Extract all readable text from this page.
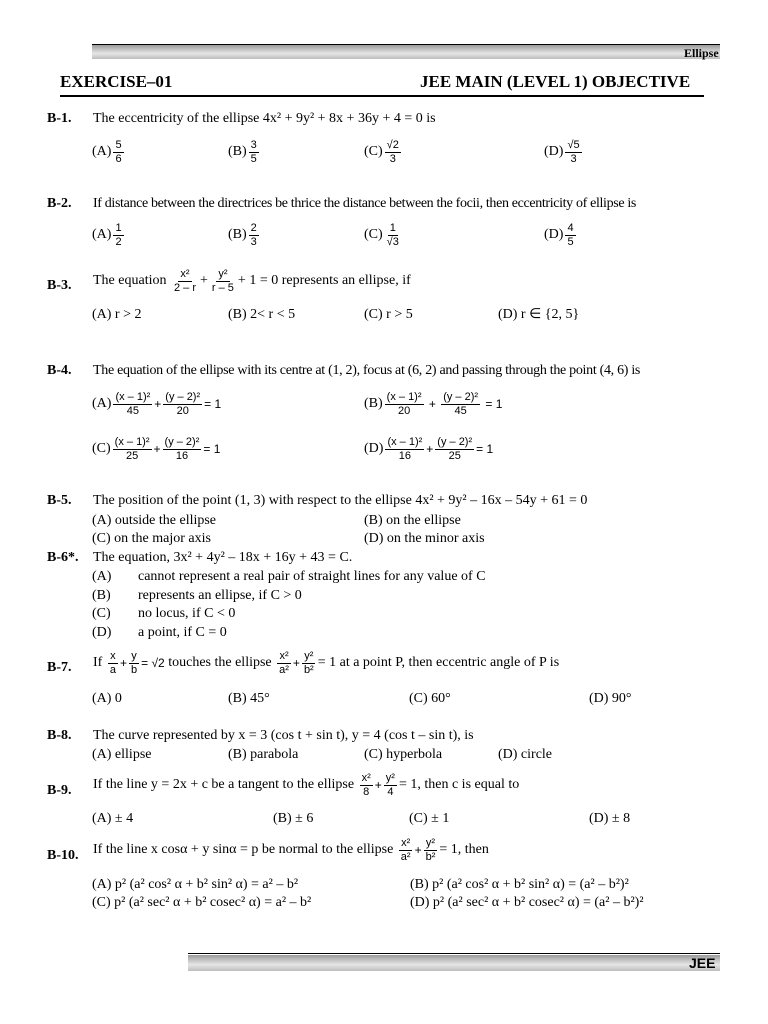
Ellipse
EXERCISE–01	JEE MAIN (LEVEL 1) OBJECTIVE
B-1. The eccentricity of the ellipse 4x² + 9y² + 8x + 36y + 4 = 0 is
$(A) \frac{5}{6}$	$(B) \frac{3}{5}$	$(C) \frac{√2}{3}$	$(D) \frac{√5}{3}$
B-2. If distance between the directrices be thrice the distance between the focii, then eccentricity of ellipse is
$(A) \frac{1}{2}$	$(B) \frac{2}{3}$	$(C) \frac{1}{√3}$	$(D) \frac{4}{5}$
B-3. The equation
$\frac{\text{x²}}{2 - r} + \frac{\text{y²}}{r - 5} + 1 = 0$ represents an ellipse, if
(A) r > 2	(B) 2< r < 5	(C) r > 5	(D) r ∈ {2, 5}
B-4. The equation of the ellipse with its centre at (1, 2), focus at (6, 2) and passing through the point (4, 6) is
$(A) \frac{\text{(x – 1)²}}{45} + \frac{\text{(y – 2)²}}{20} = 1$	$(B) \frac{\text{(x – 1)²}}{20} + \frac{\text{(y – 2)²}}{45}$
= 1
$(C) \frac{\text{(x – 1)²}}{25} + \frac{\text{(y – 2)²}}{16} = 1$	$(D) \frac{\text{(x – 1)²}}{16} + \frac{\text{(y – 2)²}}{25} = 1$
B-5. The position of the point (1, 3) with respect to the ellipse 4x² + 9y² – 16x – 54y + 61 = 0
(A) outside the ellipse	(B) on the ellipse
(C) on the major axis	(D) on the minor axis
B-6*. The equation, 3x² + 4y² – 18x + 16y + 43 = C.
(A) cannot represent a real pair of straight lines for any value of C
(B) represents an ellipse, if C > 0
(C) no locus, if C < 0
(D) a point, if C = 0
B-7. If
$\frac{x}{a} + \frac{y}{b}$ =
√2
touches the ellipse
$\frac{\text{x²}}{\text{a²}} + \frac{\text{y²}}{\text{b²}} = 1$ at a point P, then eccentric angle of P is
(A) 0	(B) 45°	(C) 60°	(D) 90°
B-8. The curve represented by x = 3 (cos t + sin t), y = 4 (cos t – sin t), is
(A) ellipse	(B) parabola	(C) hyperbola	(D) circle
B-9. If the line y = 2x + c be a tangent to the ellipse
$\frac{\text{x²}}{8} + \frac{\text{y²}}{4} = 1$, then c is equal to
(A) ± 4	(B) ± 6	(C) ± 1	(D) ± 8
B-10. If the line x cosα + y sinα = p be normal to the ellipse
$\frac{\text{x²}}{\text{a²}} + \frac{\text{y²}}{\text{b²}} = 1$, then
(A) p² (a² cos² α + b² sin² α) = a² – b²	(B) p² (a² cos² α + b² sin² α) = (a² – b²)²
(C) p² (a² sec² α + b² cosec² α) = a² – b²	(D) p² (a² sec² α + b² cosec² α) = (a² – b²)²
JEE
